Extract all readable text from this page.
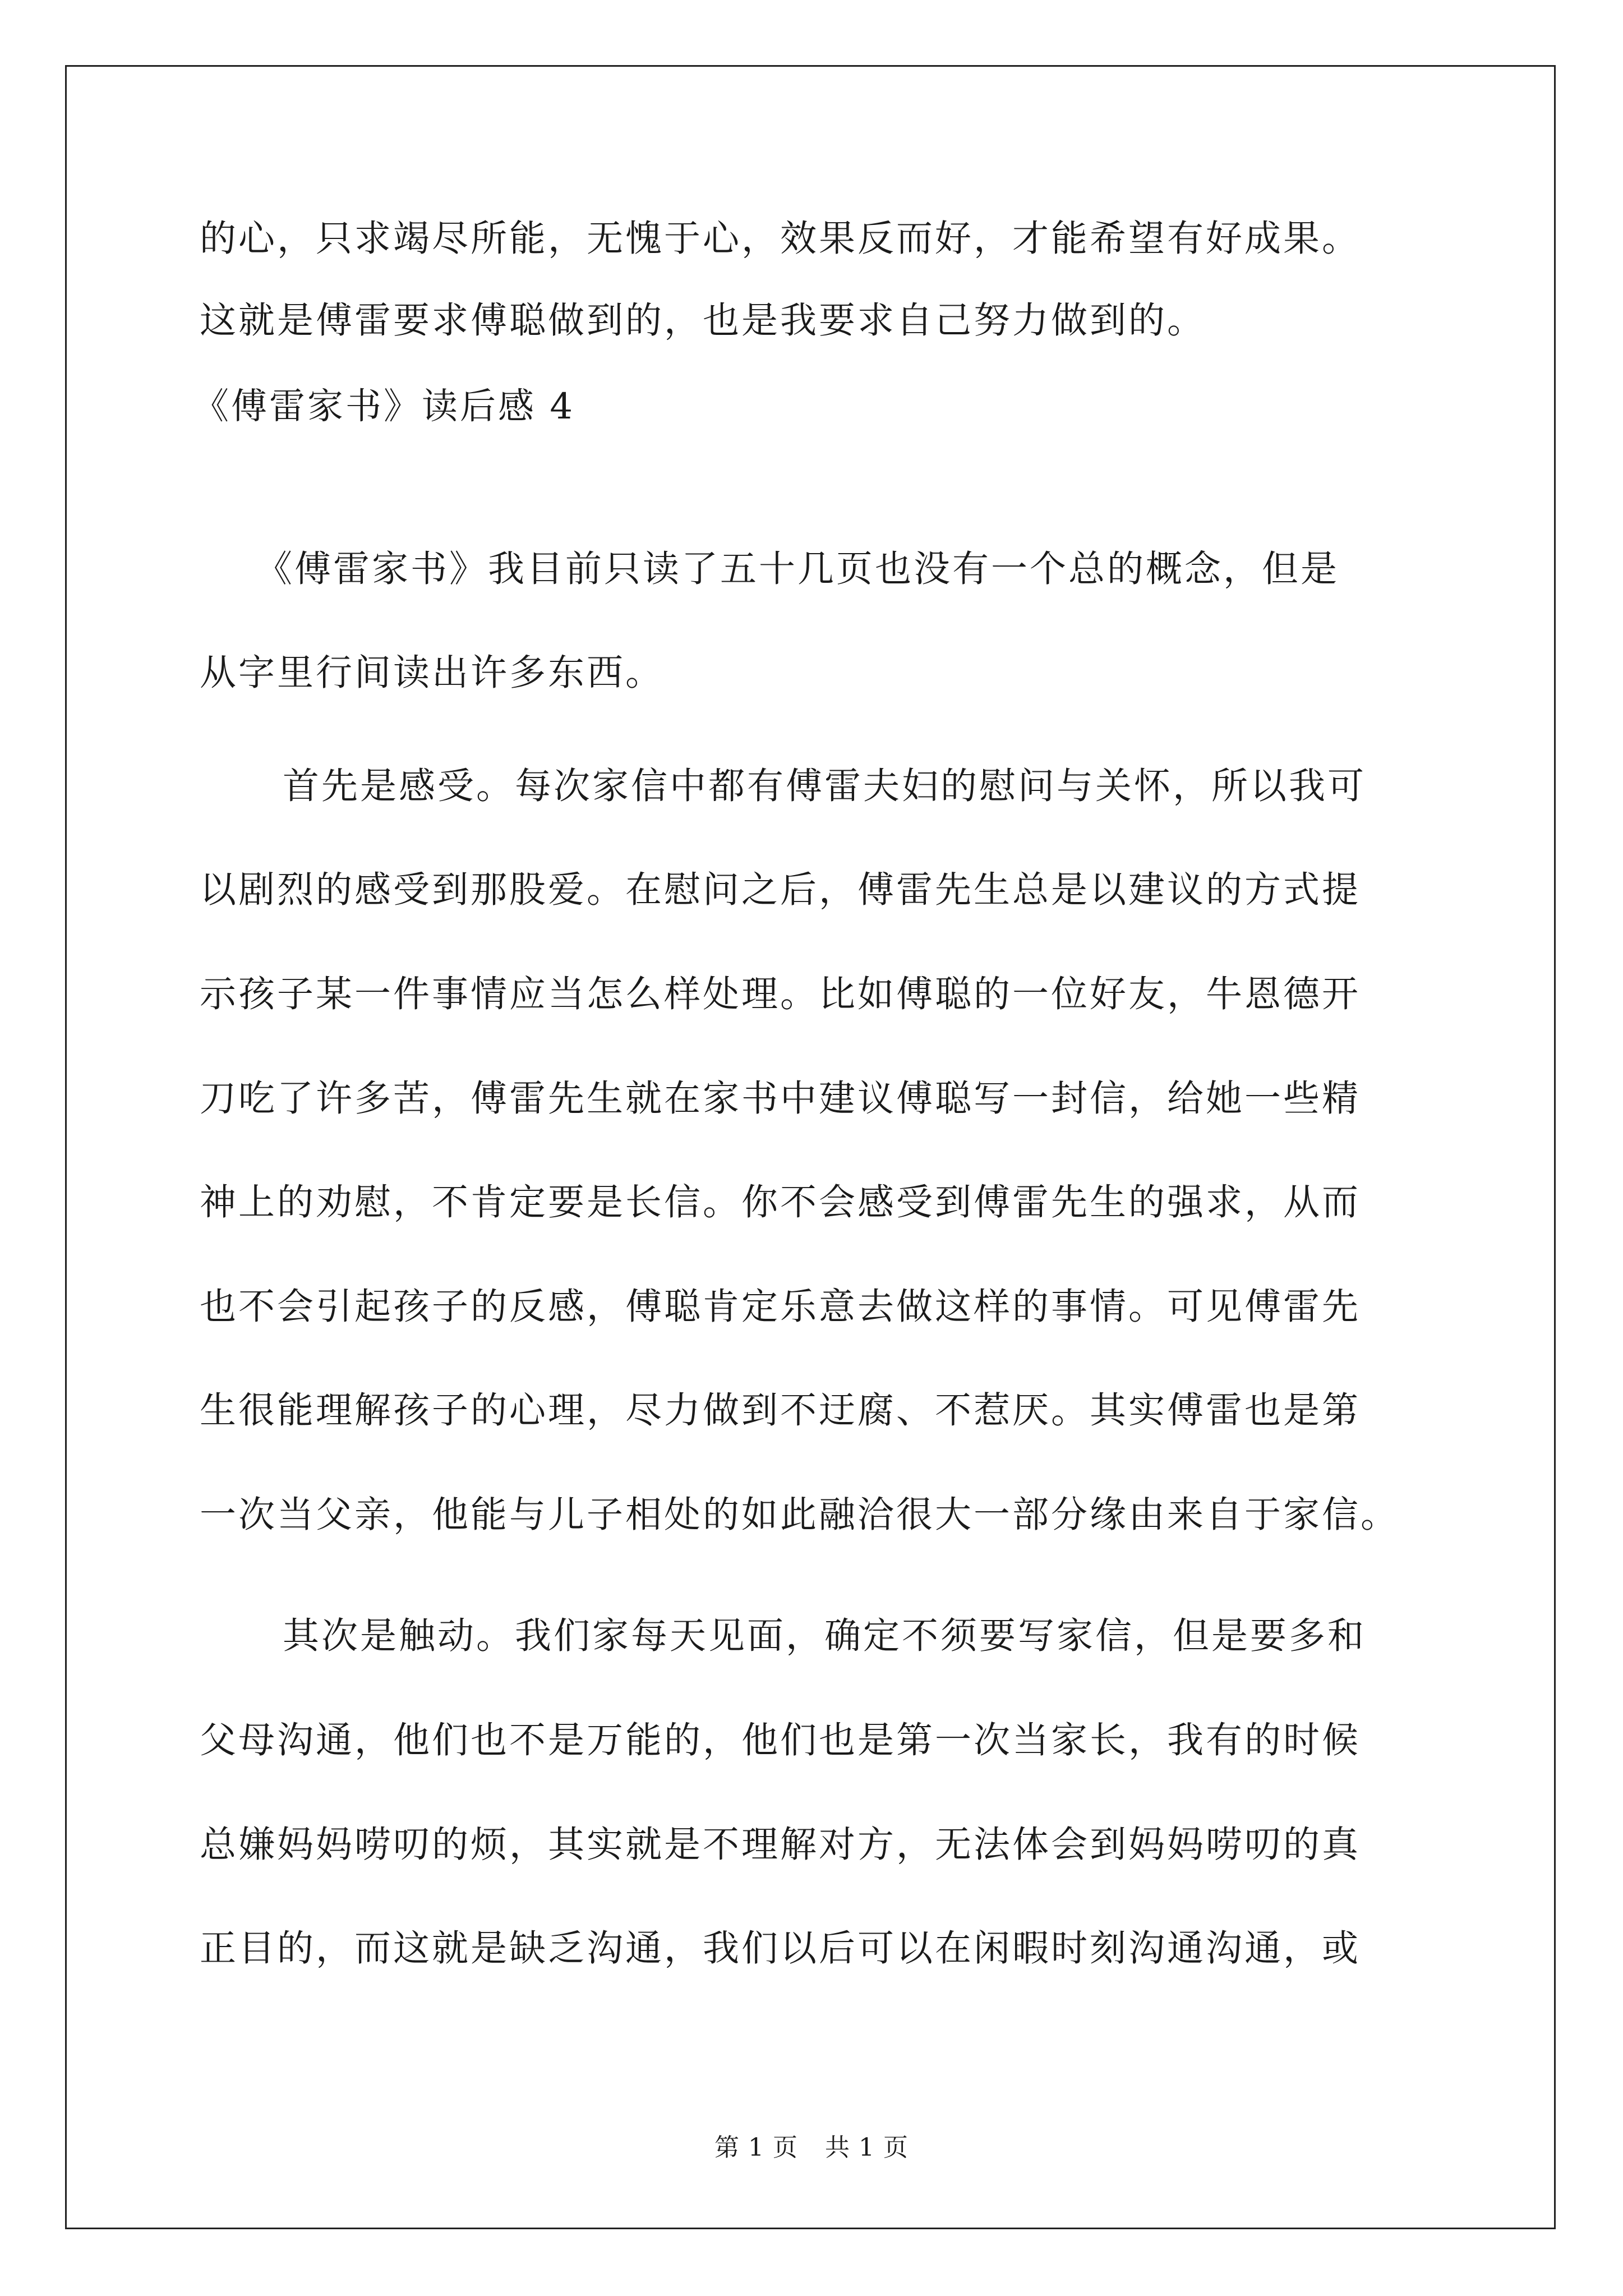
的心，只求竭尽所能，无愧于心，效果反而好，才能希望有好成果。
这就是傅雷要求傅聪做到的，也是我要求自己努力做到的。
《傅雷家书》读后感 4
《傅雷家书》我目前只读了五十几页也没有一个总的概念，但是
从字里行间读出许多东西。
首先是感受。每次家信中都有傅雷夫妇的慰问与关怀，所以我可
以剧烈的感受到那股爱。在慰问之后，傅雷先生总是以建议的方式提
示孩子某一件事情应当怎么样处理。比如傅聪的一位好友，牛恩德开
刀吃了许多苦，傅雷先生就在家书中建议傅聪写一封信，给她一些精
神上的劝慰，不肯定要是长信。你不会感受到傅雷先生的强求，从而
也不会引起孩子的反感，傅聪肯定乐意去做这样的事情。可见傅雷先
生很能理解孩子的心理，尽力做到不迂腐、不惹厌。其实傅雷也是第
一次当父亲，他能与儿子相处的如此融洽很大一部分缘由来自于家信。
其次是触动。我们家每天见面，确定不须要写家信，但是要多和
父母沟通，他们也不是万能的，他们也是第一次当家长，我有的时候
总嫌妈妈唠叨的烦，其实就是不理解对方，无法体会到妈妈唠叨的真
正目的，而这就是缺乏沟通，我们以后可以在闲暇时刻沟通沟通，或
第 1 页 共 1 页
